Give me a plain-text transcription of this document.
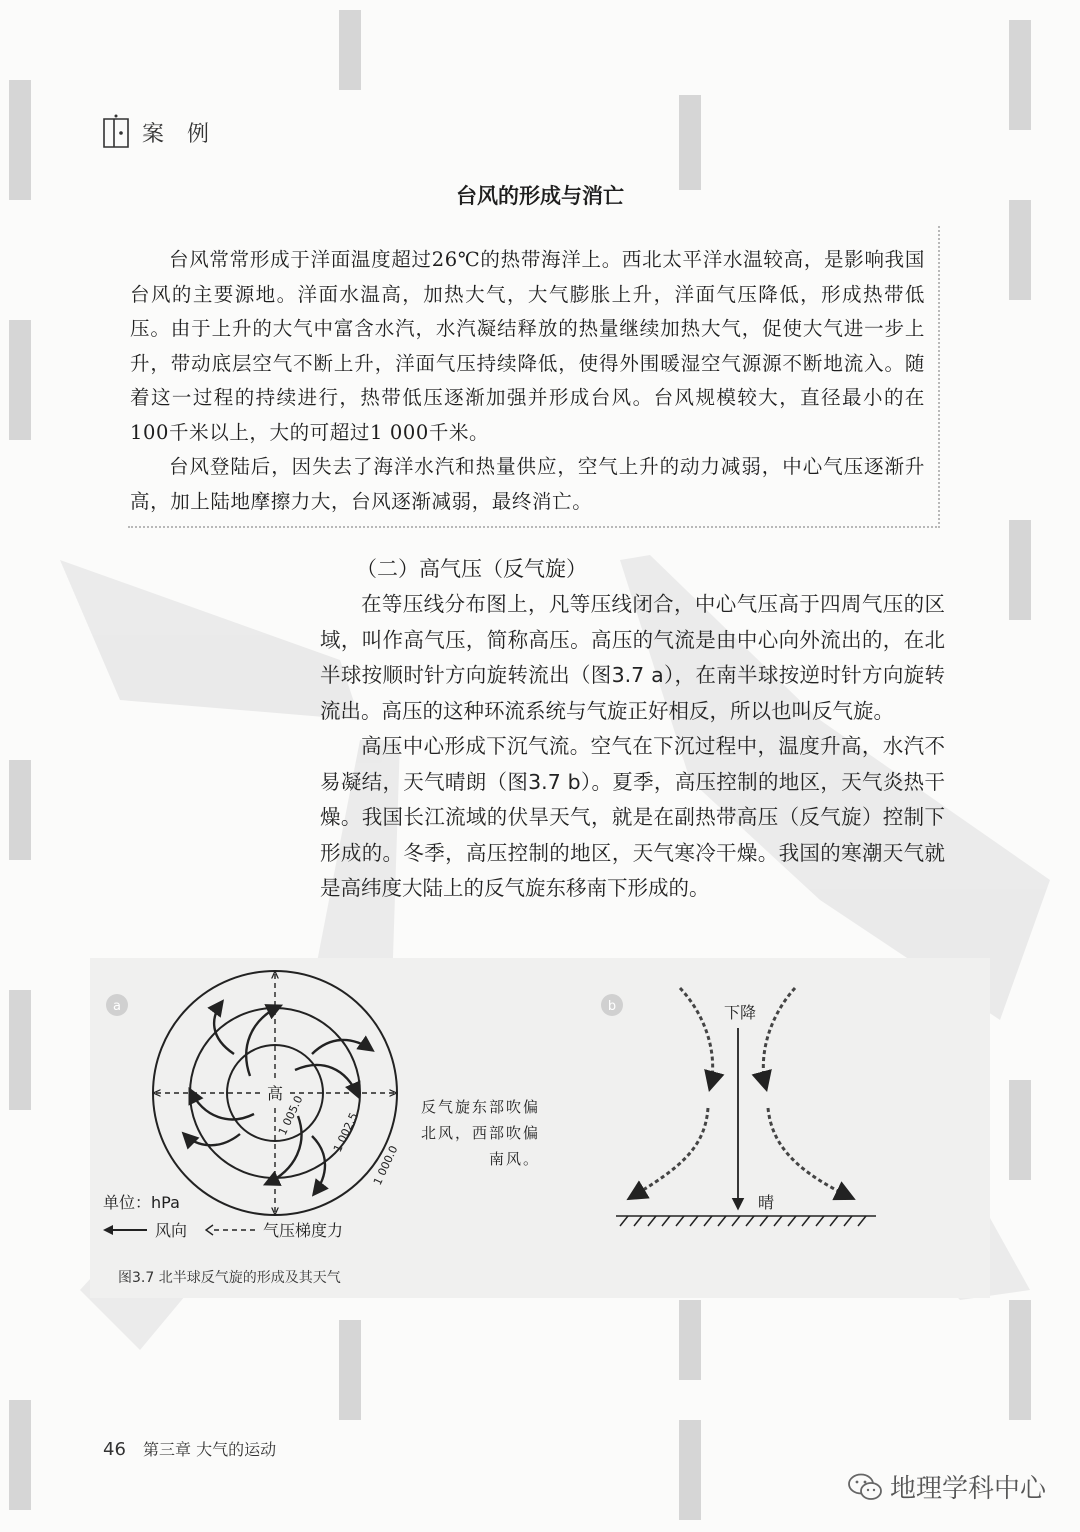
案 例
台风的形成与消亡

台风常常形成于洋面温度超过26℃的热带海洋上。西北太平洋水温较高，是影响我国台风的主要源地。洋面水温高，加热大气，大气膨胀上升，洋面气压降低，形成热带低压。由于上升的大气中富含水汽，水汽凝结释放的热量继续加热大气，促使大气进一步上升，带动底层空气不断上升，洋面气压持续降低，使得外围暖湿空气源源不断地流入。随着这一过程的持续进行，热带低压逐渐加强并形成台风。台风规模较大，直径最小的在100千米以上，大的可超过1 000千米。

台风登陆后，因失去了海洋水汽和热量供应，空气上升的动力减弱，中心气压逐渐升高，加上陆地摩擦力大，台风逐渐减弱，最终消亡。

（二）高气压（反气旋）

在等压线分布图上，凡等压线闭合，中心气压高于四周气压的区域，叫作高气压，简称高压。高压的气流是由中心向外流出的，在北半球按顺时针方向旋转流出（图3.7 a），在南半球按逆时针方向旋转流出。高压的这种环流系统与气旋正好相反，所以也叫反气旋。

高压中心形成下沉气流。空气在下沉过程中，温度升高，水汽不易凝结，天气晴朗（图3.7 b）。夏季，高压控制的地区，天气炎热干燥。我国长江流域的伏旱天气，就是在副热带高压（反气旋）控制下形成的。冬季，高压控制的地区，天气寒冷干燥。我国的寒潮天气就是高纬度大陆上的反气旋东移南下形成的。

a
高
1 005.0 1 002.5
1 000.0
反气旋东部吹偏北风，西部吹偏南风。
单位：hPa
风向	气压梯度力
b	下降
晴
图3.7 北半球反气旋的形成及其天气
46 第三章 大气的运动
地理学科中心
